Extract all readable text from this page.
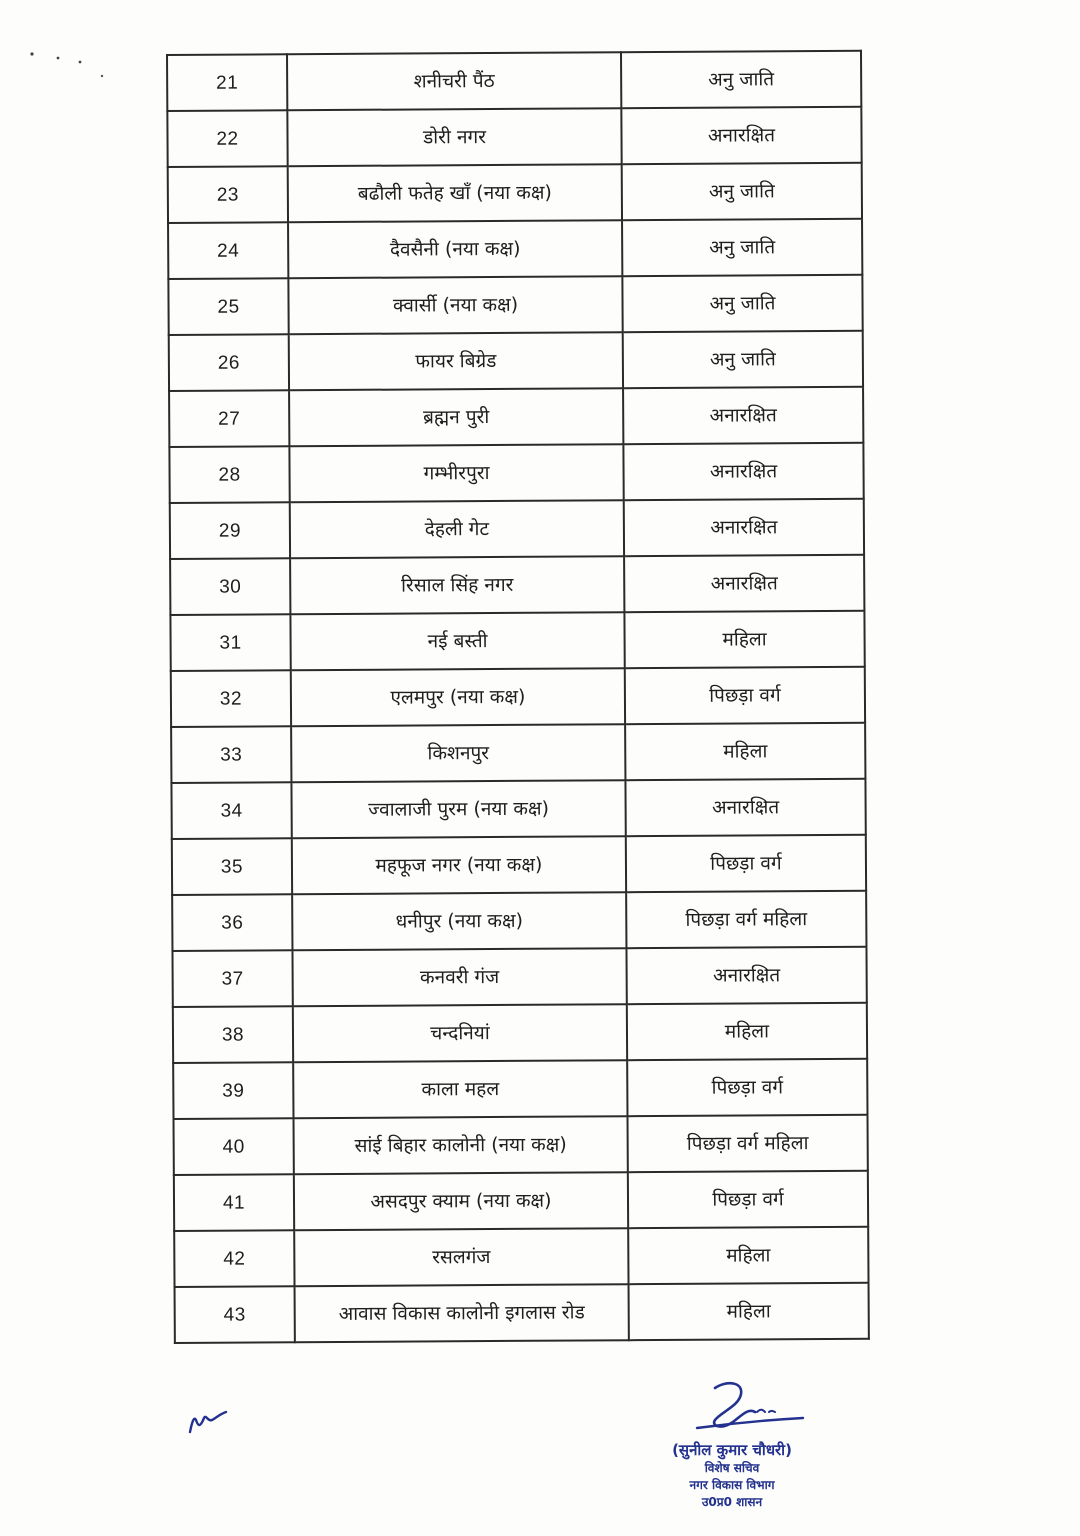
21	शनीचरी पैंठ	अनु जाति
22	डोरी नगर	अनारक्षित
23	बढौली फतेह खाँ (नया कक्ष)	अनु जाति
24	दैवसैनी (नया कक्ष)	अनु जाति
25	क्वार्सी (नया कक्ष)	अनु जाति
26	फायर बिग्रेड	अनु जाति
27	ब्रह्मन पुरी	अनारक्षित
28	गम्भीरपुरा	अनारक्षित
29	देहली गेट	अनारक्षित
30	रिसाल सिंह नगर	अनारक्षित
31	नई बस्ती	महिला
32	एलमपुर (नया कक्ष)	पिछड़ा वर्ग
33	किशनपुर	महिला
34	ज्वालाजी पुरम (नया कक्ष)	अनारक्षित
35	महफूज नगर (नया कक्ष)	पिछड़ा वर्ग
36	धनीपुर (नया कक्ष)	पिछड़ा वर्ग महिला
37	कनवरी गंज	अनारक्षित
38	चन्दनियां	महिला
39	काला महल	पिछड़ा वर्ग
40	सांई बिहार कालोनी (नया कक्ष)	पिछड़ा वर्ग महिला
41	असदपुर क्याम (नया कक्ष)	पिछड़ा वर्ग
42	रसलगंज	महिला
43	आवास विकास कालोनी इगलास रोड	महिला
(सुनील कुमार चौधरी)
विशेष सचिव
नगर विकास विभाग
उ0प्र0 शासन
